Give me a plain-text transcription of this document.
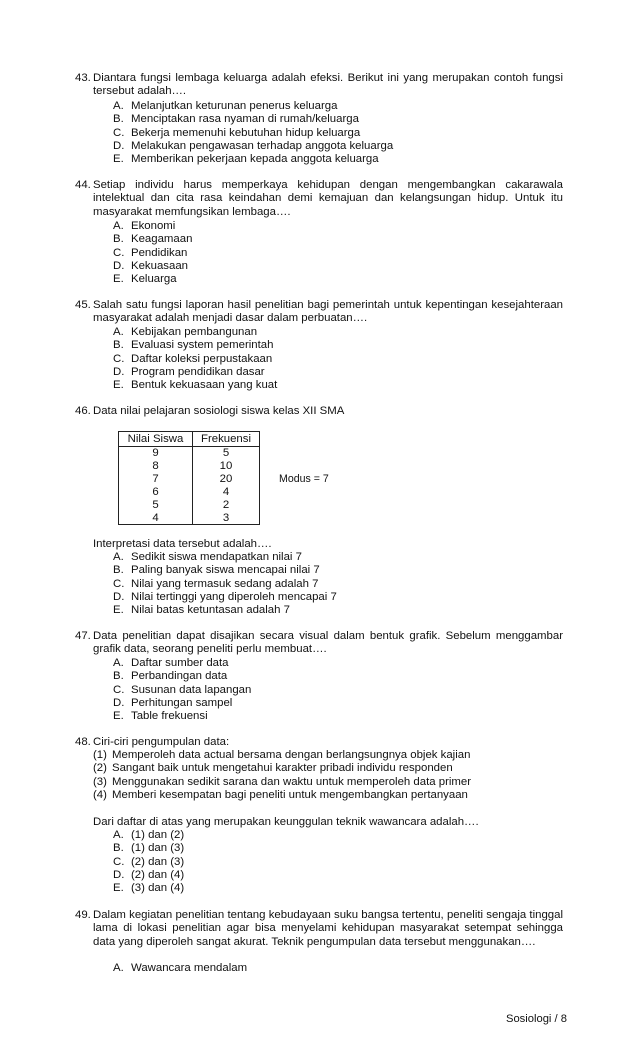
43. Diantara fungsi lembaga keluarga adalah efeksi. Berikut ini yang merupakan contoh fungsi tersebut adalah….
A. Melanjutkan keturunan penerus keluarga
B. Menciptakan rasa nyaman di rumah/keluarga
C. Bekerja memenuhi kebutuhan hidup keluarga
D. Melakukan pengawasan terhadap anggota keluarga
E. Memberikan pekerjaan kepada anggota keluarga
44. Setiap individu harus memperkaya kehidupan dengan mengembangkan cakarawala intelektual dan cita rasa keindahan demi kemajuan dan kelangsungan hidup. Untuk itu masyarakat memfungsikan lembaga….
A. Ekonomi
B. Keagamaan
C. Pendidikan
D. Kekuasaan
E. Keluarga
45. Salah satu fungsi laporan hasil penelitian bagi pemerintah untuk kepentingan kesejahteraan masyarakat adalah menjadi dasar dalam perbuatan….
A. Kebijakan pembangunan
B. Evaluasi system pemerintah
C. Daftar koleksi perpustakaan
D. Program pendidikan dasar
E. Bentuk kekuasaan yang kuat
46. Data nilai pelajaran sosiologi siswa kelas XII SMA
Nilai Siswa	Frekuensi
9	5
8	10
7	20
6	4
5	2
4	3
Modus = 7
Interpretasi data tersebut adalah….
A. Sedikit siswa mendapatkan nilai 7
B. Paling banyak siswa mencapai nilai 7
C. Nilai yang termasuk sedang adalah 7
D. Nilai tertinggi yang diperoleh mencapai 7
E. Nilai batas ketuntasan adalah 7
47. Data penelitian dapat disajikan secara visual dalam bentuk grafik. Sebelum menggambar grafik data, seorang peneliti perlu membuat….
A. Daftar sumber data
B. Perbandingan data
C. Susunan data lapangan
D. Perhitungan sampel
E. Table frekuensi
48. Ciri-ciri pengumpulan data:
(1) Memperoleh data actual bersama dengan berlangsungnya objek kajian
(2) Sangant baik untuk mengetahui karakter pribadi individu responden
(3) Menggunakan sedikit sarana dan waktu untuk memperoleh data primer
(4) Memberi kesempatan bagi peneliti untuk mengembangkan pertanyaan
Dari daftar di atas yang merupakan keunggulan teknik wawancara adalah….
A. (1) dan (2)
B. (1) dan (3)
C. (2) dan (3)
D. (2) dan (4)
E. (3) dan (4)
49. Dalam kegiatan penelitian tentang kebudayaan suku bangsa tertentu, peneliti sengaja tinggal lama di lokasi penelitian agar bisa menyelami kehidupan masyarakat setempat sehingga data yang diperoleh sangat akurat. Teknik pengumpulan data tersebut menggunakan….
A. Wawancara mendalam
Sosiologi / 8
